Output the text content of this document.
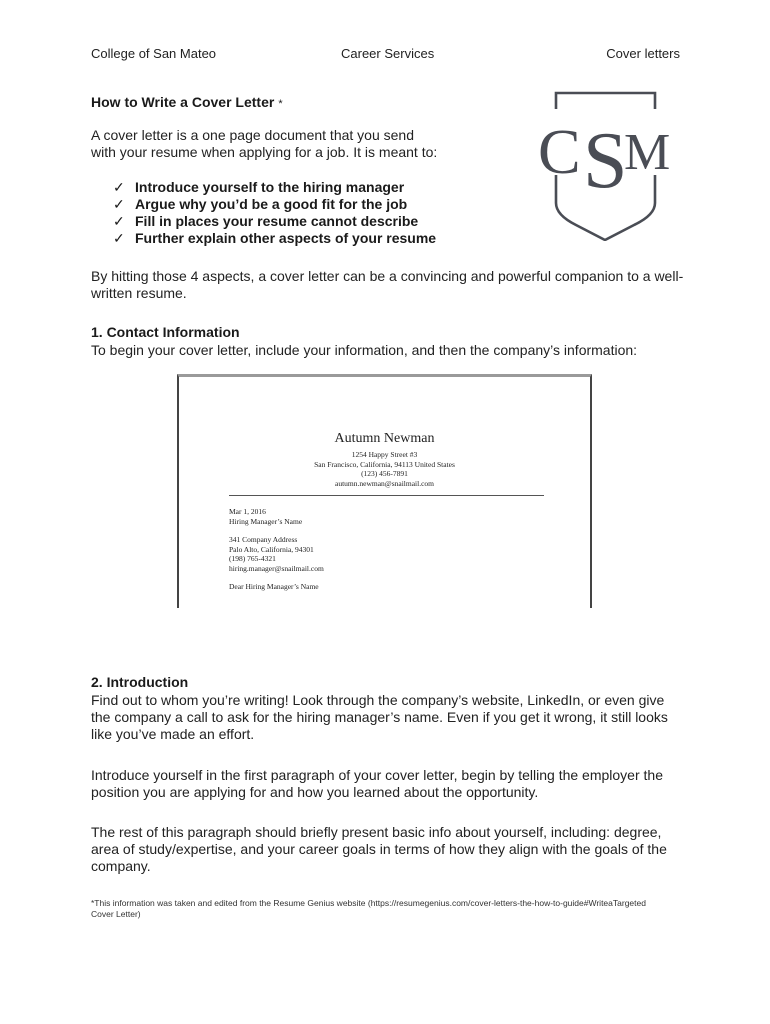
College of San Mateo	Career Services	Cover letters
How to Write a Cover Letter *
A cover letter is a one page document that you send
with your resume when applying for a job. It is meant to:
✓ Introduce yourself to the hiring manager
✓ Argue why you’d be a good fit for the job
✓ Fill in places your resume cannot describe
✓ Further explain other aspects of your resume
C S
M
By hitting those 4 aspects, a cover letter can be a convincing and powerful companion to a well-
written resume.
1. Contact Information
To begin your cover letter, include your information, and then the company’s information:
Autumn Newman
1254 Happy Street #3
San Francisco, California, 94113 United States
(123) 456-7891
autumn.newman@snailmail.com
Mar 1, 2016
Hiring Manager’s Name
341 Company Address
Palo Alto, California, 94301
(198) 765-4321
hiring.manager@snailmail.com
Dear Hiring Manager’s Name
2. Introduction
Find out to whom you’re writing! Look through the company’s website, LinkedIn, or even give
the company a call to ask for the hiring manager’s name. Even if you get it wrong, it still looks
like you’ve made an effort.
Introduce yourself in the first paragraph of your cover letter, begin by telling the employer the
position you are applying for and how you learned about the opportunity.
The rest of this paragraph should briefly present basic info about yourself, including: degree,
area of study/expertise, and your career goals in terms of how they align with the goals of the
company.
*This information was taken and edited from the Resume Genius website (https://resumegenius.com/cover-letters-the-how-to-guide#WriteaTargeted
Cover Letter)
